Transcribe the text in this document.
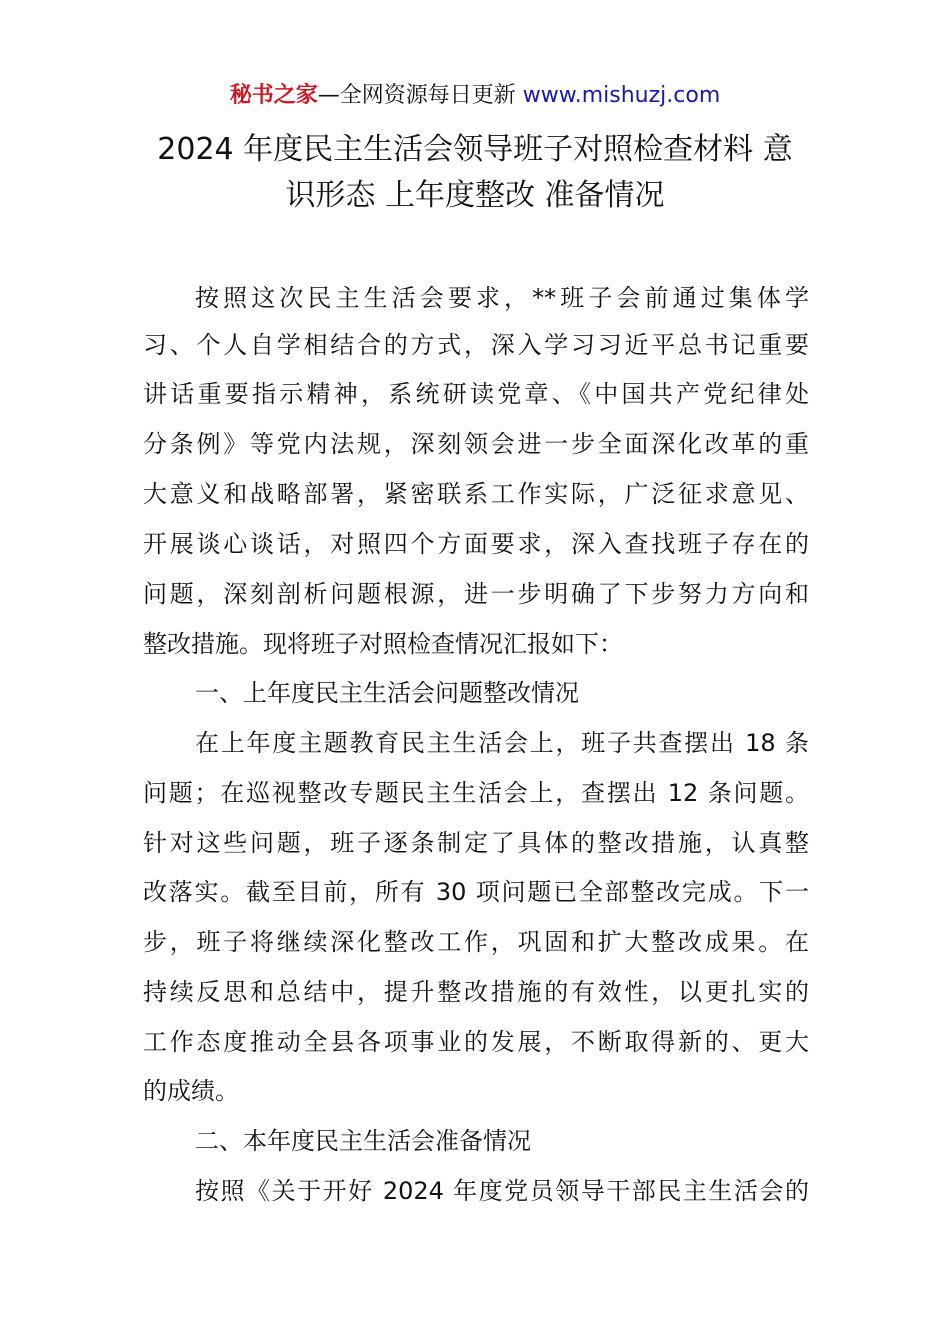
秘书之家—全网资源每日更新 www.mishuzj.com
2024 年度民主生活会领导班子对照检查材料 意
识形态 上年度整改 准备情况
按照这次民主生活会要求，**班子会前通过集体学
习、个人自学相结合的方式，深入学习习近平总书记重要
讲话重要指示精神，系统研读党章、《中国共产党纪律处
分条例》等党内法规，深刻领会进一步全面深化改革的重
大意义和战略部署，紧密联系工作实际，广泛征求意见、
开展谈心谈话，对照四个方面要求，深入查找班子存在的
问题，深刻剖析问题根源，进一步明确了下步努力方向和
整改措施。现将班子对照检查情况汇报如下：
一、上年度民主生活会问题整改情况
在上年度主题教育民主生活会上，班子共查摆出 18 条
问题；在巡视整改专题民主生活会上，查摆出 12 条问题。
针对这些问题，班子逐条制定了具体的整改措施，认真整
改落实。截至目前，所有 30 项问题已全部整改完成。下一
步，班子将继续深化整改工作，巩固和扩大整改成果。在
持续反思和总结中，提升整改措施的有效性，以更扎实的
工作态度推动全县各项事业的发展，不断取得新的、更大
的成绩。
二、本年度民主生活会准备情况
按照《关于开好 2024 年度党员领导干部民主生活会的
